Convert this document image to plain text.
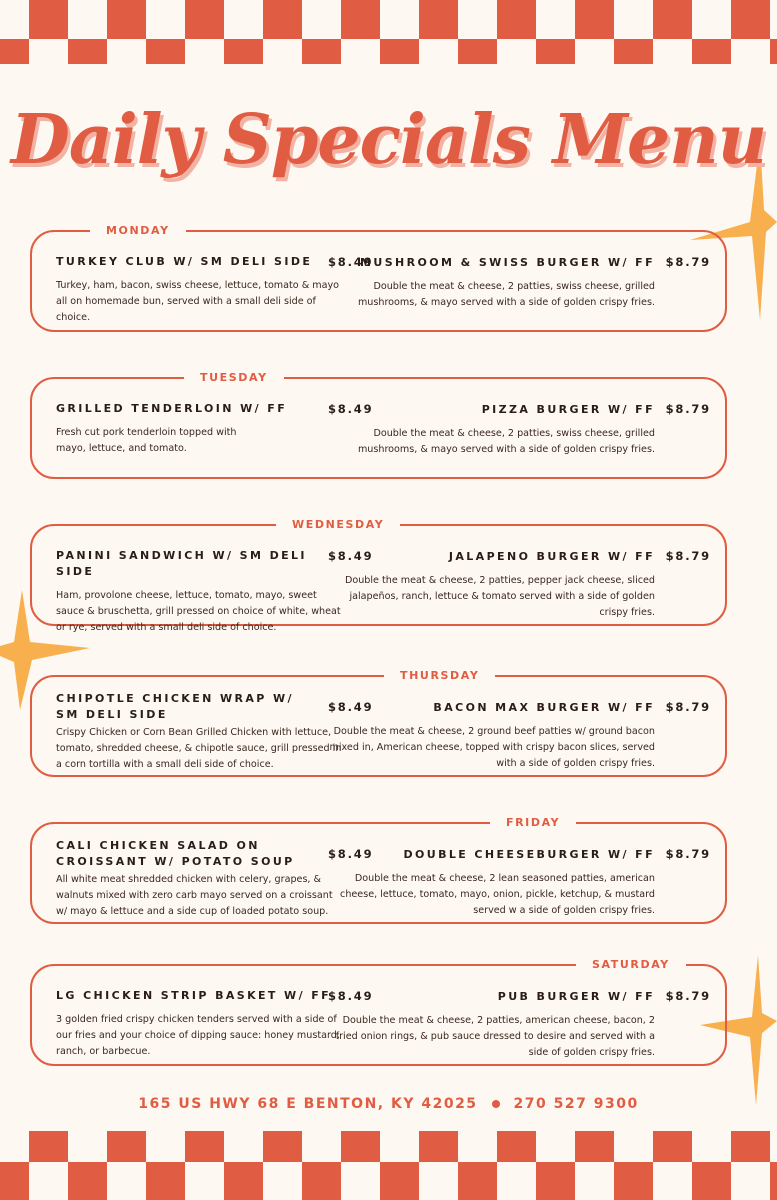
Daily Specials Menu
MONDAY
TURKEY CLUB W/ SM DELI SIDE
Turkey, ham, bacon, swiss cheese, lettuce, tomato & mayo all on homemade bun, served with a small deli side of choice.
$8.49
MUSHROOM & SWISS BURGER W/ FF
Double the meat & cheese, 2 patties, swiss cheese, grilled mushrooms, & mayo served with a side of golden crispy fries.
$8.79
TUESDAY
GRILLED TENDERLOIN W/ FF
Fresh cut pork tenderloin topped with mayo, lettuce, and tomato.
$8.49	PIZZA BURGER W/ FF
Double the meat & cheese, 2 patties, swiss cheese, grilled mushrooms, & mayo served with a side of golden crispy fries.
$8.79
WEDNESDAY
PANINI SANDWICH W/ SM DELI SIDE
Ham, provolone cheese, lettuce, tomato, mayo, sweet sauce & bruschetta, grill pressed on choice of white, wheat or rye, served with a small deli side of choice.
$8.49	JALAPENO BURGER W/ FF
Double the meat & cheese, 2 patties, pepper jack cheese, sliced jalapeños, ranch, lettuce & tomato served with a side of golden crispy fries.
$8.79
THURSDAY
CHIPOTLE CHICKEN WRAP W/ SM DELI SIDE
Crispy Chicken or Corn Bean Grilled Chicken with lettuce, tomato, shredded cheese, & chipotle sauce, grill pressed in a corn tortilla with a small deli side of choice.
$8.49	BACON MAX BURGER W/ FF
Double the meat & cheese, 2 ground beef patties w/ ground bacon mixed in, American cheese, topped with crispy bacon slices, served with a side of golden crispy fries.
$8.79
FRIDAY
CALI CHICKEN SALAD ON CROISSANT W/ POTATO SOUP
All white meat shredded chicken with celery, grapes, & walnuts mixed with zero carb mayo served on a croissant w/ mayo & lettuce and a side cup of loaded potato soup.
$8.49	DOUBLE CHEESEBURGER W/ FF
Double the meat & cheese, 2 lean seasoned patties, american cheese, lettuce, tomato, mayo, onion, pickle, ketchup, & mustard served w a side of golden crispy fries.
$8.79
SATURDAY
LG CHICKEN STRIP BASKET W/ FF
3 golden fried crispy chicken tenders served with a side of our fries and your choice of dipping sauce: honey mustard, ranch, or barbecue.
$8.49	PUB BURGER W/ FF
Double the meat & cheese, 2 patties, american cheese, bacon, 2 fried onion rings, & pub sauce dressed to desire and served with a side of golden crispy fries.
$8.79
165 US HWY 68 E BENTON, KY 42025	270 527 9300
